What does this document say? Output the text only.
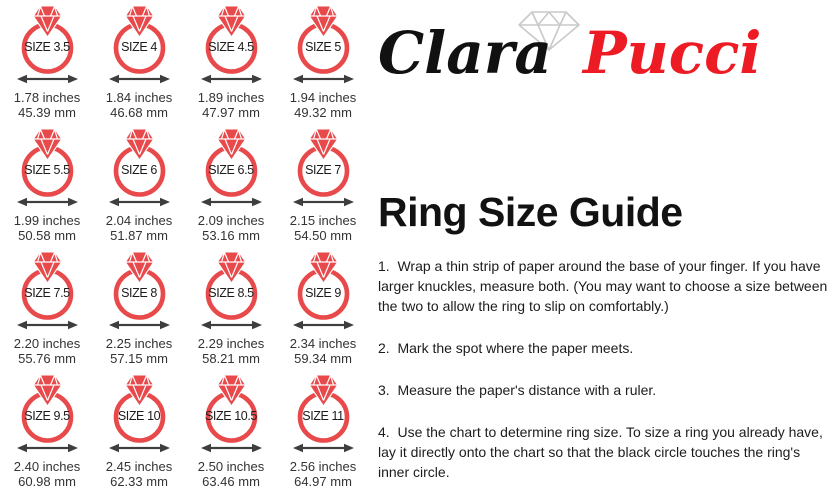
SIZE 3.5
1.78 inches
45.39 mm
SIZE 4
1.84 inches
46.68 mm
SIZE 4.5
1.89 inches
47.97 mm
SIZE 5
1.94 inches
49.32 mm
SIZE 5.5
1.99 inches
50.58 mm
SIZE 6
2.04 inches
51.87 mm
SIZE 6.5
2.09 inches
53.16 mm
SIZE 7
2.15 inches
54.50 mm
SIZE 7.5
2.20 inches
55.76 mm
SIZE 8
2.25 inches
57.15 mm
SIZE 8.5
2.29 inches
58.21 mm
SIZE 9
2.34 inches
59.34 mm
SIZE 9.5
2.40 inches
60.98 mm
SIZE 10
2.45 inches
62.33 mm
SIZE 10.5
2.50 inches
63.46 mm
SIZE 11
2.56 inches
64.97 mm
Clara Pucci
Ring Size Guide

1.  Wrap a thin strip of paper around the base of your finger. If you have larger knuckles, measure both. (You may want to choose a size between the two to allow the ring to slip on comfortably.)

2.  Mark the spot where the paper meets.

3.  Measure the paper's distance with a ruler.

4.  Use the chart to determine ring size. To size a ring you already have, lay it directly onto the chart so that the black circle touches the ring's inner circle.
